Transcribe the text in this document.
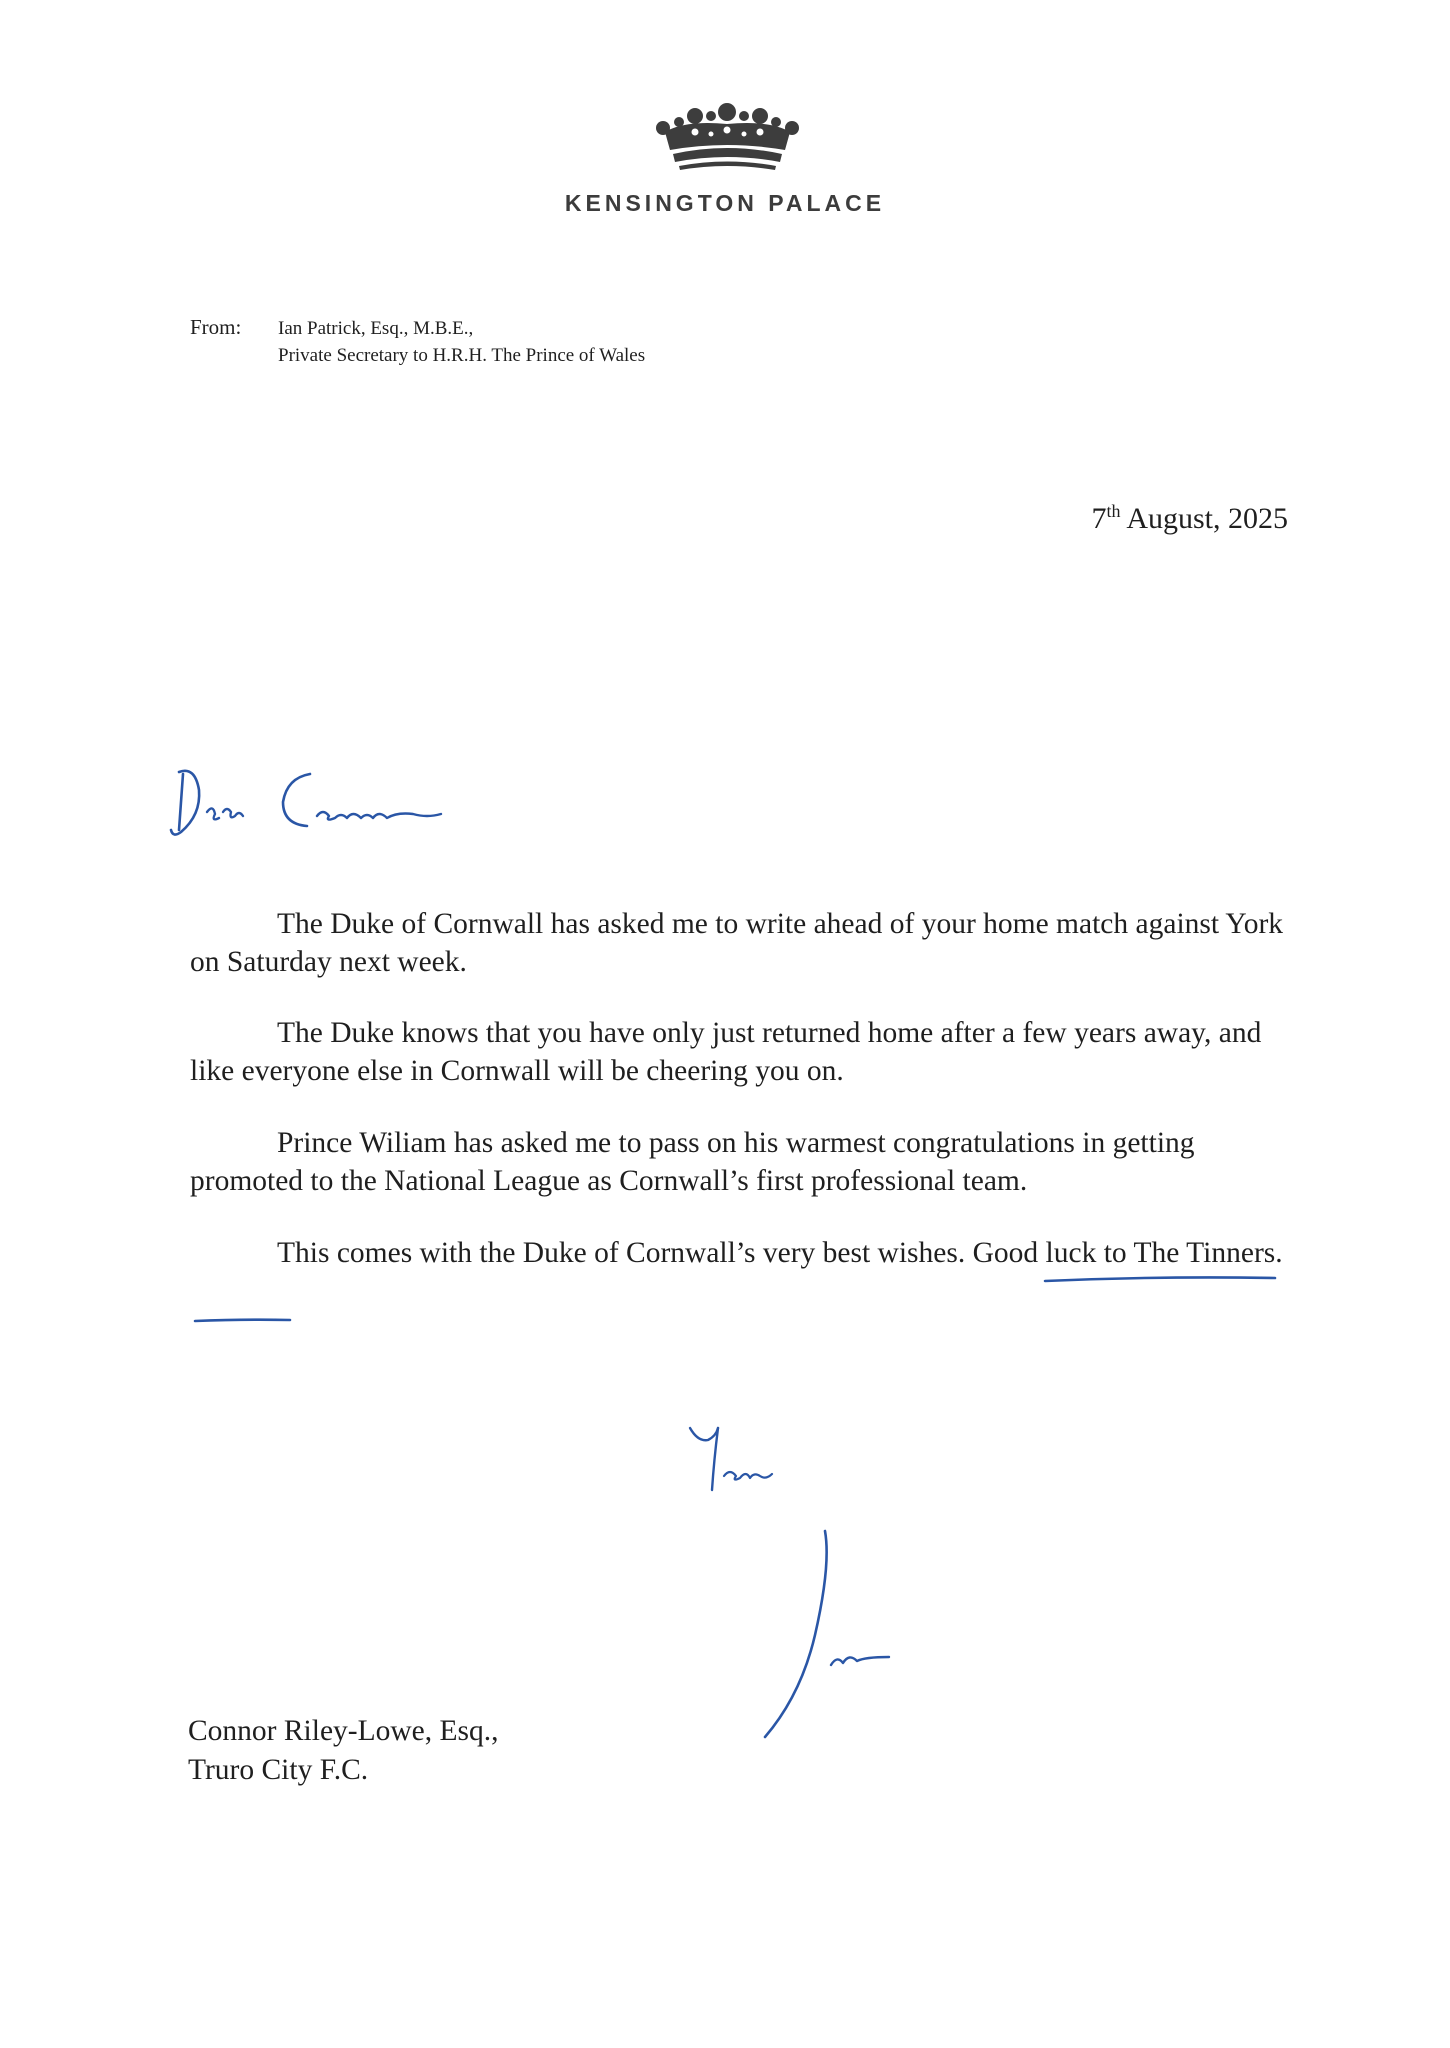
KENSINGTON PALACE
From: Ian Patrick, Esq., M.B.E.,
Private Secretary to H.R.H. The Prince of Wales
7th August, 2025

The Duke of Cornwall has asked me to write ahead of your home match against York on Saturday next week.

The Duke knows that you have only just returned home after a few years away, and like everyone else in Cornwall will be cheering you on.

Prince Wiliam has asked me to pass on his warmest congratulations in getting promoted to the National League as Cornwall’s first professional team.

This comes with the Duke of Cornwall’s very best wishes. Good luck to The Tinners.

Connor Riley-Lowe, Esq.,
Truro City F.C.
